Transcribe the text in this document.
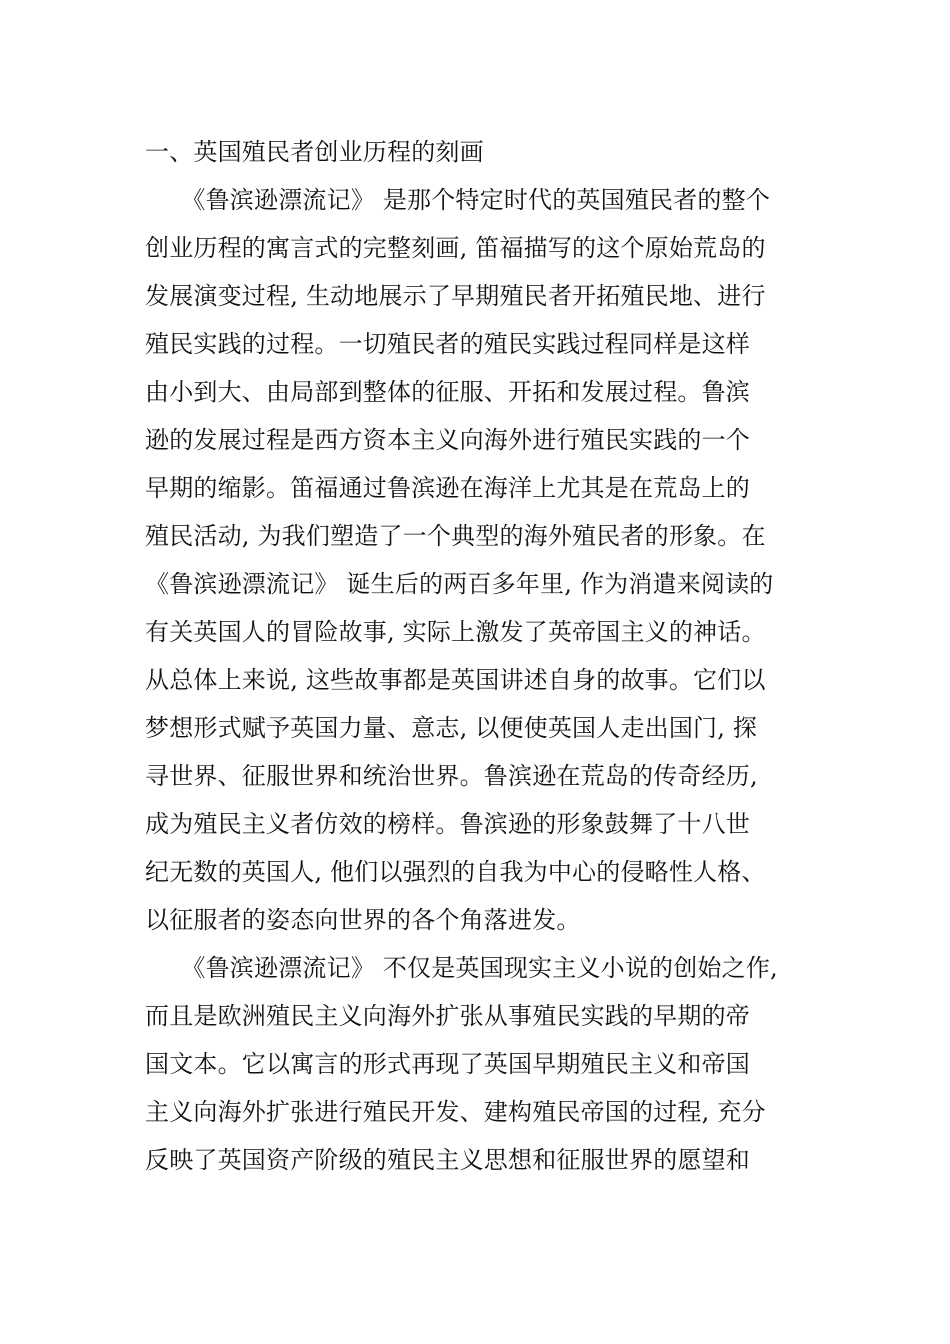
一、英国殖民者创业历程的刻画
　　《鲁滨逊漂流记》 是那个特定时代的英国殖民者的整个
创业历程的寓言式的完整刻画, 笛福描写的这个原始荒岛的
发展演变过程, 生动地展示了早期殖民者开拓殖民地、进行
殖民实践的过程。一切殖民者的殖民实践过程同样是这样
由小到大、由局部到整体的征服、开拓和发展过程。鲁滨
逊的发展过程是西方资本主义向海外进行殖民实践的一个
早期的缩影。笛福通过鲁滨逊在海洋上尤其是在荒岛上的
殖民活动, 为我们塑造了一个典型的海外殖民者的形象。在
《鲁滨逊漂流记》 诞生后的两百多年里, 作为消遣来阅读的
有关英国人的冒险故事, 实际上激发了英帝国主义的神话。
从总体上来说, 这些故事都是英国讲述自身的故事。它们以
梦想形式赋予英国力量、意志, 以便使英国人走出国门, 探
寻世界、征服世界和统治世界。鲁滨逊在荒岛的传奇经历,
成为殖民主义者仿效的榜样。鲁滨逊的形象鼓舞了十八世
纪无数的英国人, 他们以强烈的自我为中心的侵略性人格、
以征服者的姿态向世界的各个角落进发。
　　《鲁滨逊漂流记》 不仅是英国现实主义小说的创始之作,
而且是欧洲殖民主义向海外扩张从事殖民实践的早期的帝
国文本。它以寓言的形式再现了英国早期殖民主义和帝国
主义向海外扩张进行殖民开发、建构殖民帝国的过程, 充分
反映了英国资产阶级的殖民主义思想和征服世界的愿望和
